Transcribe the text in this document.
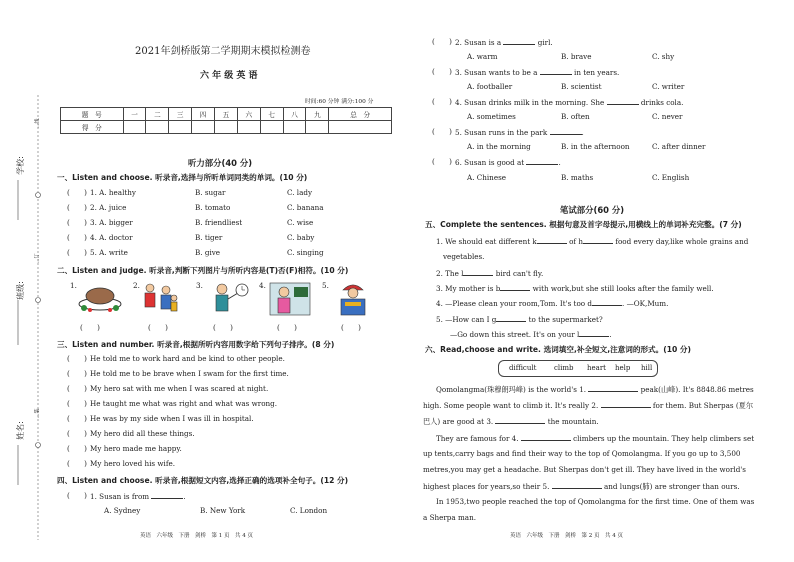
学校:
班级:
姓名:
…线
…订
…装
2021年剑桥版第二学期期末模拟检测卷
六 年 级 英 语
时间:60 分钟 满分:100 分
题　号	一	二	三	四	五	六	七	八	九	总　分
得　分										
听力部分(40 分)
一、Listen and choose. 听录音,选择与所听单词同类的单词。(10 分)
(　　) 1. A. healthy	B. sugar	C. lady
(　　) 2. A. juice	B. tomato	C. banana
(　　) 3. A. bigger	B. friendliest	C. wise
(　　) 4. A. doctor	B. tiger	C. baby
(　　) 5. A. write	B. give	C. singing
二、Listen and judge. 听录音,判断下列图片与所听内容是(T)否(F)相符。(10 分)
1.	2.	3.	4.	5.
(　　)	(　　)	(　　)	(　　)	(　　)
三、Listen and number. 听录音,根据所听内容用数字给下列句子排序。(8 分)
(　　) He told me to work hard and be kind to other people.
(　　) He told me to be brave when I swam for the first time.
(　　) My hero sat with me when I was scared at night.
(　　) He taught me what was right and what was wrong.
(　　) He was by my side when I was ill in hospital.
(　　) My hero did all these things.
(　　) My hero made me happy.
(　　) My hero loved his wife.
四、Listen and choose. 听录音,根据短文内容,选择正确的选项补全句子。(12 分)
(　　) 1. Susan is from	.
A. Sydney	B. New York	C. London
英语　六年级　下册　剑桥　第 1 页　共 4 页
(　　) 2. Susan is a	girl.
A. warm	B. brave	C. shy
(　　) 3. Susan wants to be a	in ten years.
A. footballer	B. scientist	C. writer
(　　) 4. Susan drinks milk in the morning. She	drinks cola.
A. sometimes	B. often	C. never
(　　) 5. Susan runs in the park	.
A. in the morning	B. in the afternoon	C. after dinner
(　　) 6. Susan is good at	.
A. Chinese	B. maths	C. English
笔试部分(60 分)
五、Complete the sentences. 根据句意及首字母提示,用横线上的单词补充完整。(7 分)
1. We should eat different k	of h	food every day,like whole grains and
vegetables.
2. The l	bird can't fly.
3. My mother is b	with work,but she still looks after the family well.
4. —Please clean your room,Tom. It's too d	. —OK,Mum.
5. —How can I g	to the supermarket?
—Go down this street. It's on your l	.
六、Read,choose and write. 选词填空,补全短文,注意词的形式。(10 分)
difficult	climb heart help hill
Qomolangma(珠穆朗玛峰) is the world's 1.	peak(山峰). It's 8848.86 metres
high. Some people want to climb it. It's really 2.	for them. But Sherpas (夏尔
巴人) are good at 3.	the mountain.
They are famous for 4.	climbers up the mountain. They help climbers set
up tents,carry bags and find their way to the top of Qomolangma. If you go up to 3,500
metres,you may get a headache. But Sherpas don't get ill. They have lived in the world's
highest places for years,so their 5.	and lungs(肺) are stronger than ours.
In 1953,two people reached the top of Qomolangma for the first time. One of them was
a Sherpa man.
英语　六年级　下册　剑桥　第 2 页　共 4 页
